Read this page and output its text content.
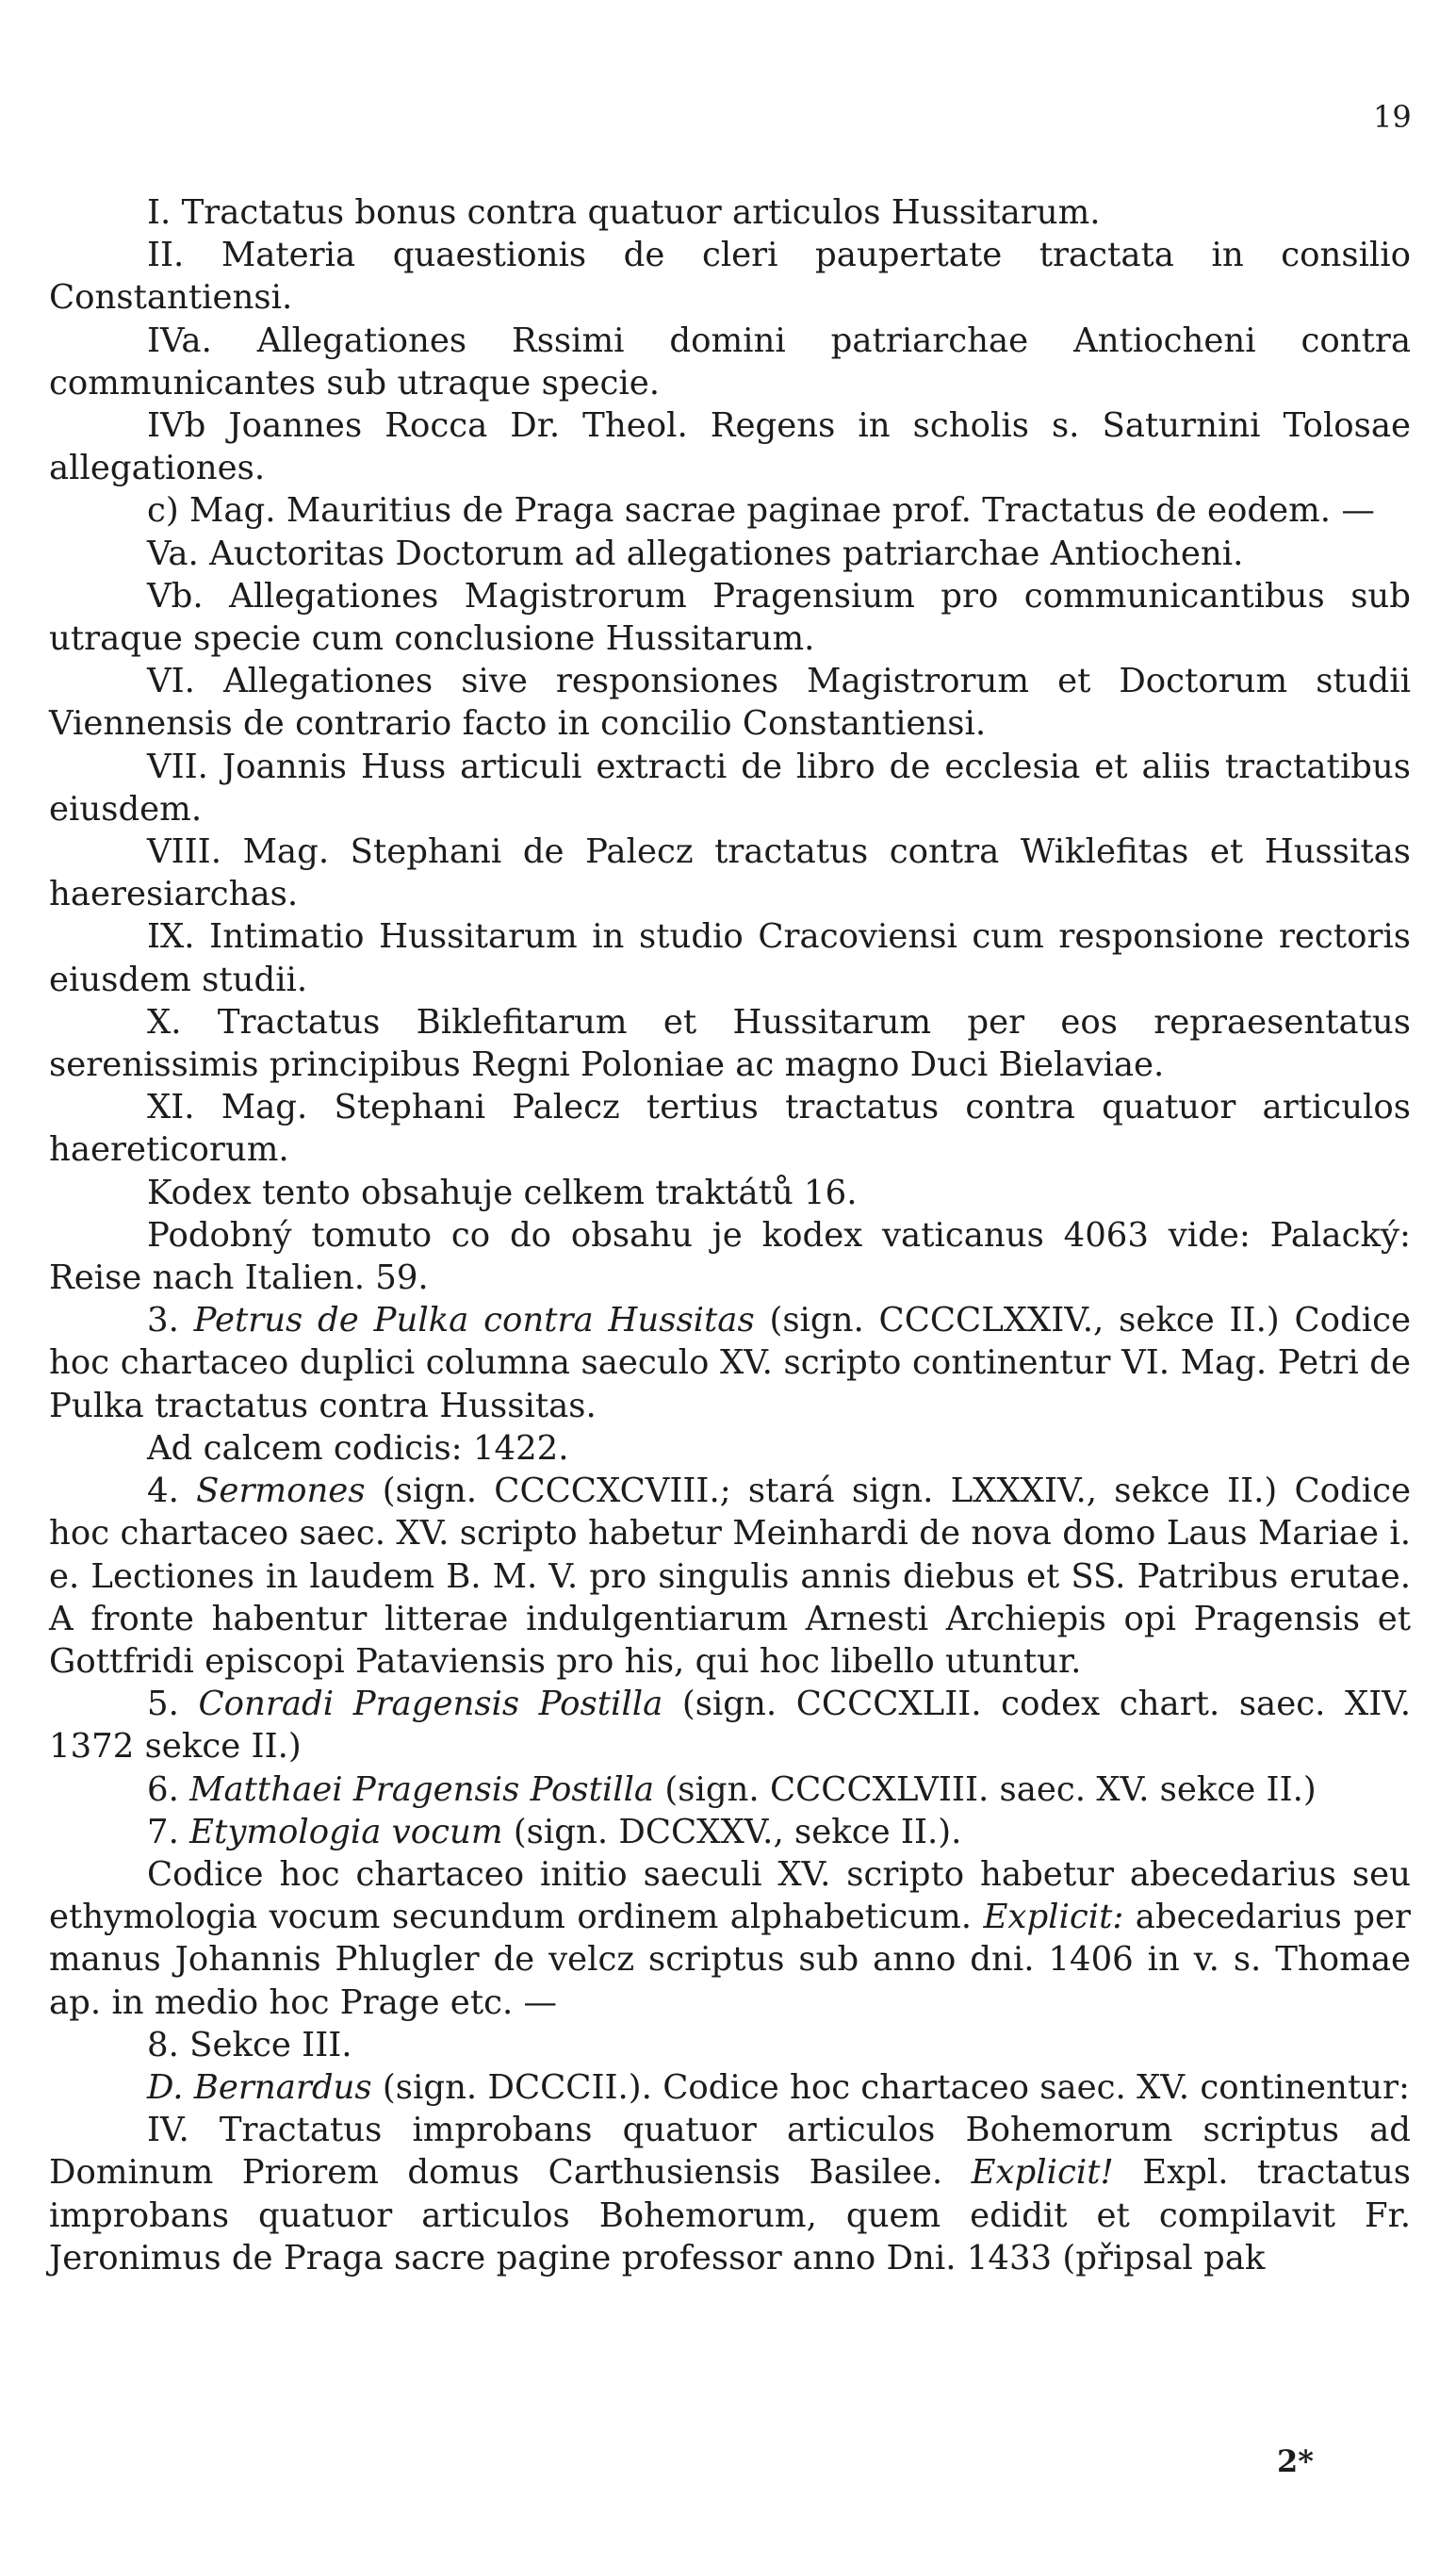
19

I. Tractatus bonus contra quatuor articulos Hussitarum.

II. Materia quaestionis de cleri paupertate tractata in consilio Constantiensi.

IVa. Allegationes Rssimi domini patriarchae Antiocheni contra communicantes sub utraque specie.

IVb Joannes Rocca Dr. Theol. Regens in scholis s. Saturnini Tolosae allegationes.

c) Mag. Mauritius de Praga sacrae paginae prof. Tractatus de eodem. —

Va. Auctoritas Doctorum ad allegationes patriarchae Antiocheni.

Vb. Allegationes Magistrorum Pragensium pro communicantibus sub utraque specie cum conclusione Hussitarum.

VI. Allegationes sive responsiones Magistrorum et Doctorum studii Viennensis de contrario facto in concilio Constantiensi.

VII. Joannis Huss articuli extracti de libro de ecclesia et aliis tractatibus eiusdem.

VIII. Mag. Stephani de Palecz tractatus contra Wiklefitas et Hussitas haeresiarchas.

IX. Intimatio Hussitarum in studio Cracoviensi cum responsione rectoris eiusdem studii.

X. Tractatus Biklefitarum et Hussitarum per eos repraesentatus serenissimis principibus Regni Poloniae ac magno Duci Bielaviae.

XI. Mag. Stephani Palecz tertius tractatus contra quatuor articulos haereticorum.

Kodex tento obsahuje celkem traktátů 16.

Podobný tomuto co do obsahu je kodex vaticanus 4063 vide: Palacký: Reise nach Italien. 59.

3. Petrus de Pulka contra Hussitas (sign. CCCCLXXIV., sekce II.) Codice hoc chartaceo duplici columna saeculo XV. scripto continentur VI. Mag. Petri de Pulka tractatus contra Hussitas.

Ad calcem codicis: 1422.

4. Sermones (sign. CCCCXCVIII.; stará sign. LXXXIV., sekce II.) Codice hoc chartaceo saec. XV. scripto habetur Meinhardi de nova domo Laus Mariae i. e. Lectiones in laudem B. M. V. pro singulis annis diebus et SS. Patribus erutae. A fronte habentur litterae indulgentiarum Arnesti Archiepis opi Pragensis et Gottfridi episcopi Pataviensis pro his, qui hoc libello utuntur.

5. Conradi Pragensis Postilla (sign. CCCCXLII. codex chart. saec. XIV. 1372 sekce II.)

6. Matthaei Pragensis Postilla (sign. CCCCXLVIII. saec. XV. sekce II.)

7. Etymologia vocum (sign. DCCXXV., sekce II.).

Codice hoc chartaceo initio saeculi XV. scripto habetur abecedarius seu ethymologia vocum secundum ordinem alphabeticum. Explicit: abecedarius per manus Johannis Phlugler de velcz scriptus sub anno dni. 1406 in v. s. Thomae ap. in medio hoc Prage etc. —

8. Sekce III.

D. Bernardus (sign. DCCCII.). Codice hoc chartaceo saec. XV. continentur:

IV. Tractatus improbans quatuor articulos Bohemorum scriptus ad Dominum Priorem domus Carthusiensis Basilee. Explicit! Expl. tractatus improbans quatuor articulos Bohemorum, quem edidit et compilavit Fr. Jeronimus de Praga sacre pagine professor anno Dni. 1433 (připsal pak

2*
